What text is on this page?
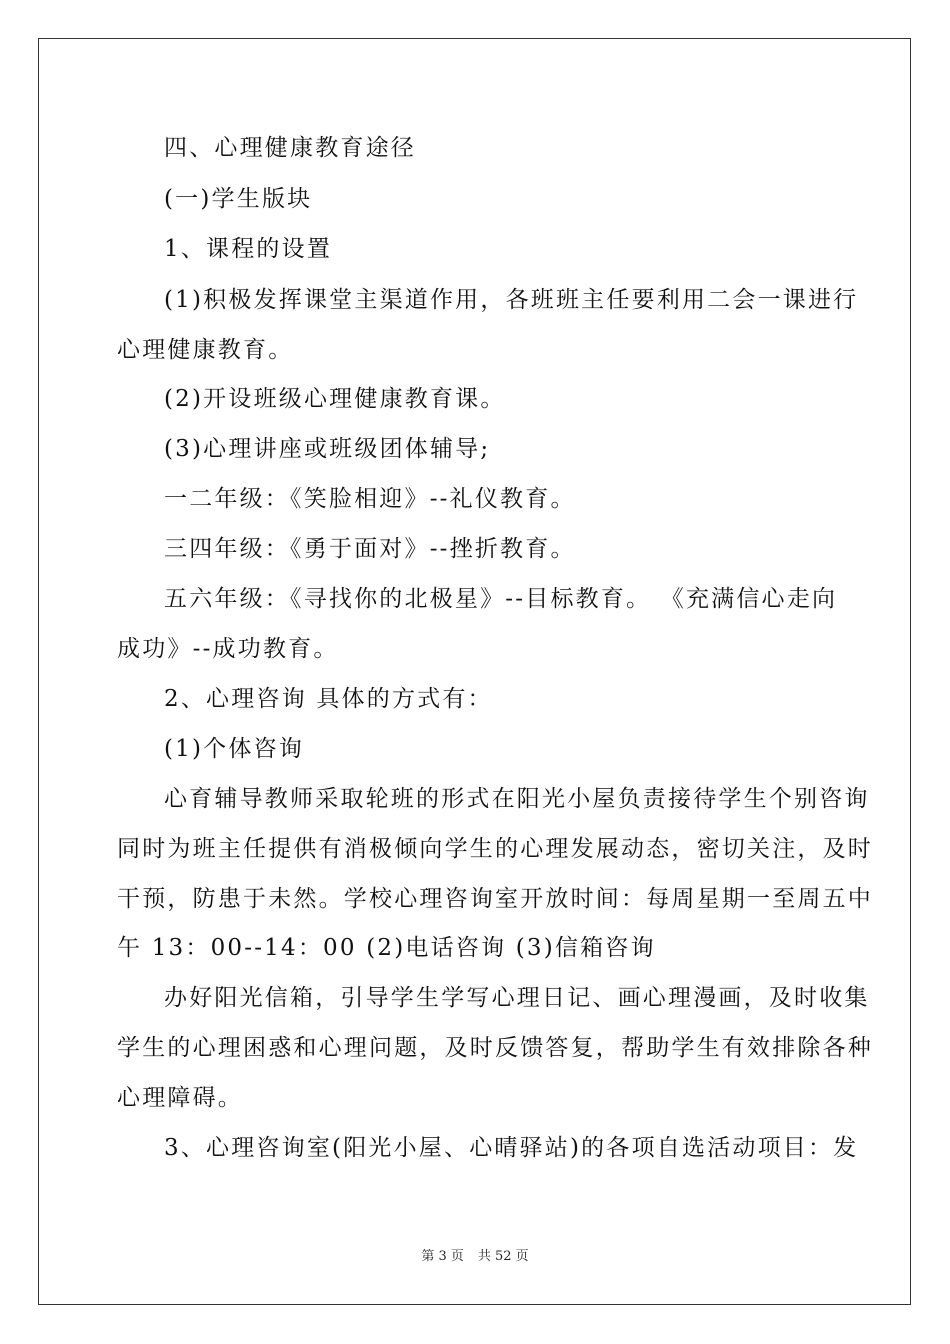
四、心理健康教育途径
(一)学生版块
1、课程的设置
(1)积极发挥课堂主渠道作用，各班班主任要利用二会一课进行
心理健康教育。
(2)开设班级心理健康教育课。
(3)心理讲座或班级团体辅导;
一二年级：《笑脸相迎》--礼仪教育。
三四年级：《勇于面对》--挫折教育。
五六年级：《寻找你的北极星》--目标教育。 《充满信心走向
成功》--成功教育。
2、心理咨询 具体的方式有：
(1)个体咨询
心育辅导教师采取轮班的形式在阳光小屋负责接待学生个别咨询
同时为班主任提供有消极倾向学生的心理发展动态，密切关注，及时
干预，防患于未然。学校心理咨询室开放时间：每周星期一至周五中
午 13：00--14：00 (2)电话咨询 (3)信箱咨询
办好阳光信箱，引导学生学写心理日记、画心理漫画，及时收集
学生的心理困惑和心理问题，及时反馈答复，帮助学生有效排除各种
心理障碍。
3、心理咨询室(阳光小屋、心晴驿站)的各项自选活动项目：发
第 3 页 共 52 页
